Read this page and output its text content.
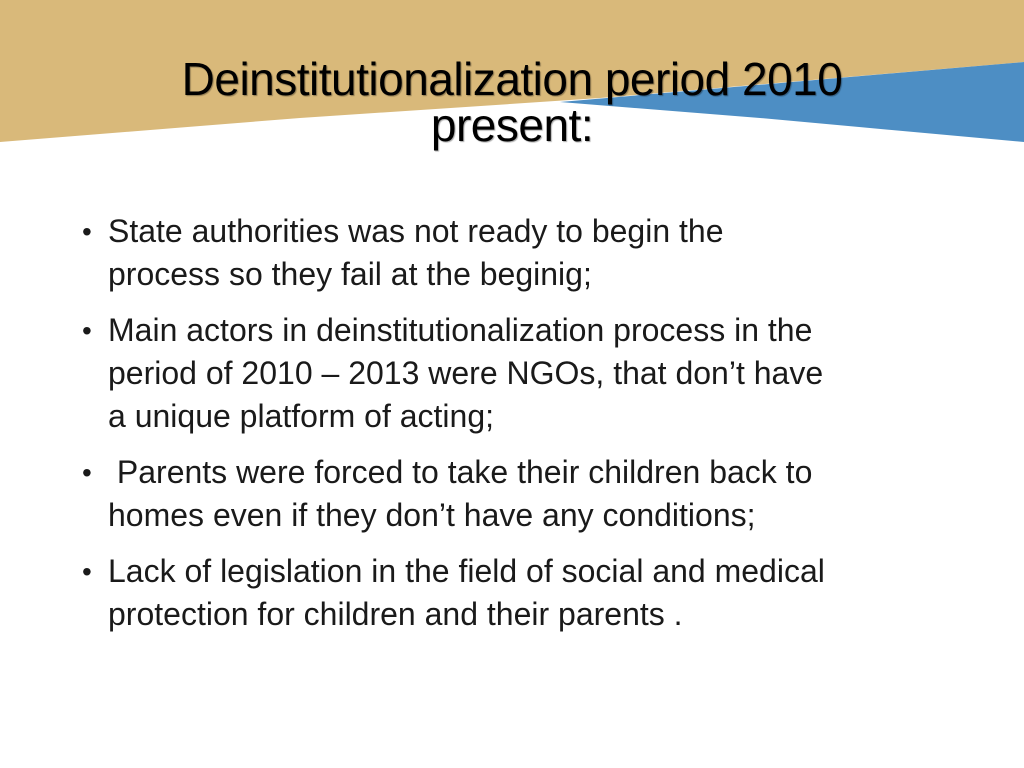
Deinstitutionalization period 2010
present:
• State authorities was not ready to begin the
process so they fail at the beginig;
• Main actors in deinstitutionalization process in the
period of 2010 – 2013 were NGOs, that don’t have
a unique platform of acting;
• Parents were forced to take their children back to
homes even if they don’t have any conditions;
• Lack of legislation in the field of social and medical
protection for children and their parents .
